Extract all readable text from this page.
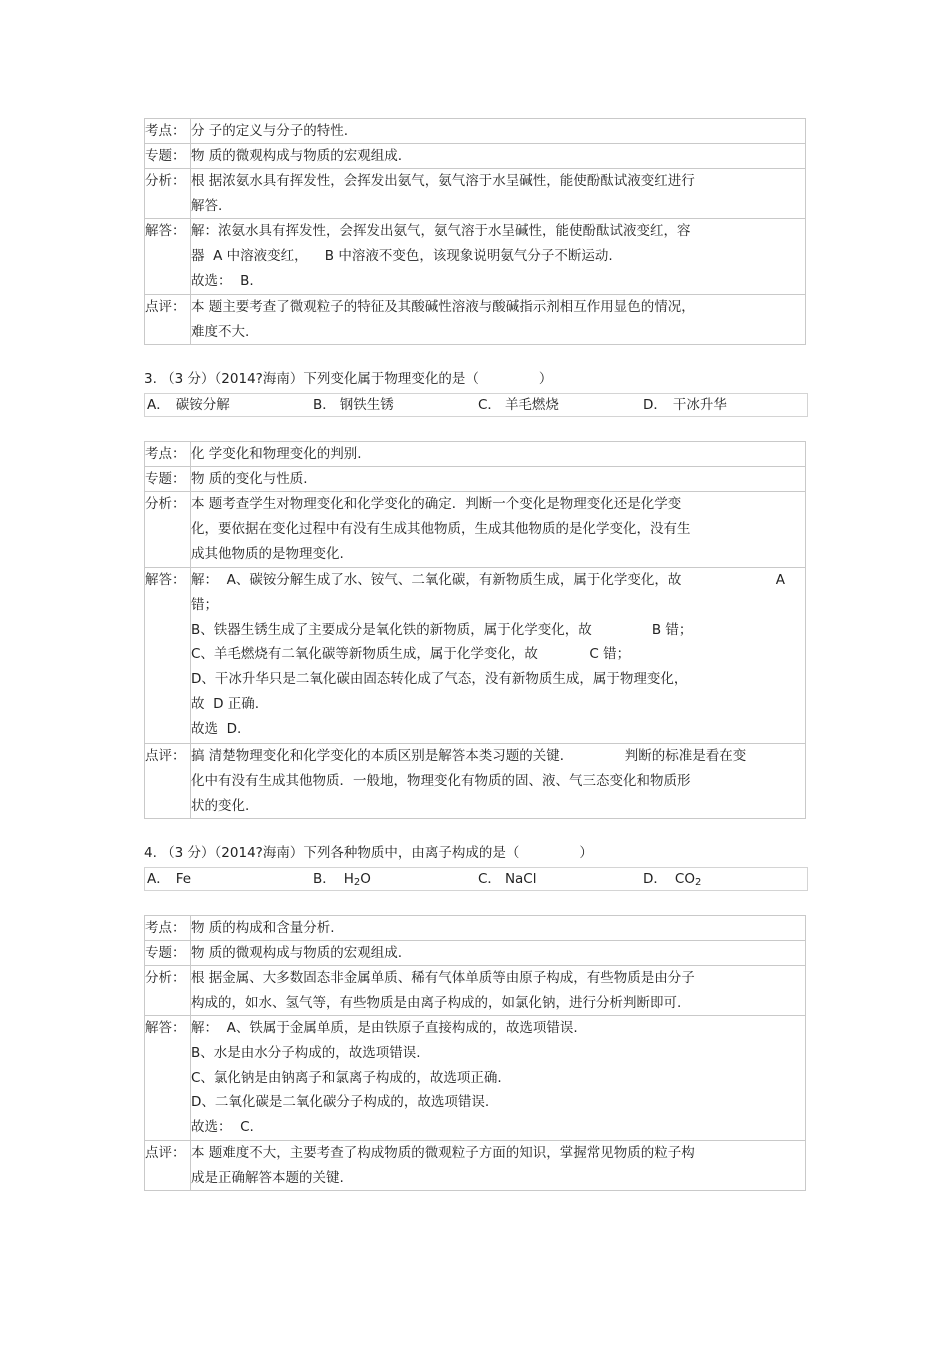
考点： 分 子的定义与分子的特性.
专题： 物 质的微观构成与物质的宏观组成.
分析： 根 据浓氨水具有挥发性，会挥发出氨气，氨气溶于水呈碱性，能使酚酞试液变红进行
解答.
解答： 解：浓氨水具有挥发性，会挥发出氨气，氨气溶于水呈碱性，能使酚酞试液变红，容
器  A 中溶液变红，    B 中溶液不变色，该现象说明氨气分子不断运动.
故选：  B.
点评： 本 题主要考查了微观粒子的特征及其酸碱性溶液与酸碱指示剂相互作用显色的情况，
难度不大.
3. （3 分）（2014?海南）下列变化属于物理变化的是（              ）
A． 碳铵分解	B． 钢铁生锈	C． 羊毛燃烧	D． 干冰升华
考点： 化 学变化和物理变化的判别.
专题： 物 质的变化与性质.
分析： 本 题考查学生对物理变化和化学变化的确定．判断一个变化是物理变化还是化学变
化，要依据在变化过程中有没有生成其他物质，生成其他物质的是化学变化，没有生
成其他物质的是物理变化.
解答： 解：  A、碳铵分解生成了水、铵气、二氧化碳，有新物质生成，属于化学变化，故                      A
错；
B、铁器生锈生成了主要成分是氧化铁的新物质，属于化学变化，故              B 错；
C、羊毛燃烧有二氧化碳等新物质生成，属于化学变化，故            C 错；
D、干冰升华只是二氧化碳由固态转化成了气态，没有新物质生成，属于物理变化，
故  D 正确.
故选  D.
点评： 搞 清楚物理变化和化学变化的本质区别是解答本类习题的关键．            判断的标准是看在变
化中有没有生成其他物质．一般地，物理变化有物质的固、液、气三态变化和物质形
状的变化.
4. （3 分）（2014?海南）下列各种物质中，由离子构成的是（              ）
A． Fe	B． $H_2O$	C． NaCl	D． $CO_2$
考点： 物 质的构成和含量分析.
专题： 物 质的微观构成与物质的宏观组成.
分析： 根 据金属、大多数固态非金属单质、稀有气体单质等由原子构成，有些物质是由分子
构成的，如水、氢气等，有些物质是由离子构成的，如氯化钠，进行分析判断即可.
解答： 解：  A、铁属于金属单质，是由铁原子直接构成的，故选项错误.
B、水是由水分子构成的，故选项错误.
C、氯化钠是由钠离子和氯离子构成的，故选项正确.
D、二氧化碳是二氧化碳分子构成的，故选项错误.
故选：  C.
点评： 本 题难度不大，主要考查了构成物质的微观粒子方面的知识，掌握常见物质的粒子构
成是正确解答本题的关键.
